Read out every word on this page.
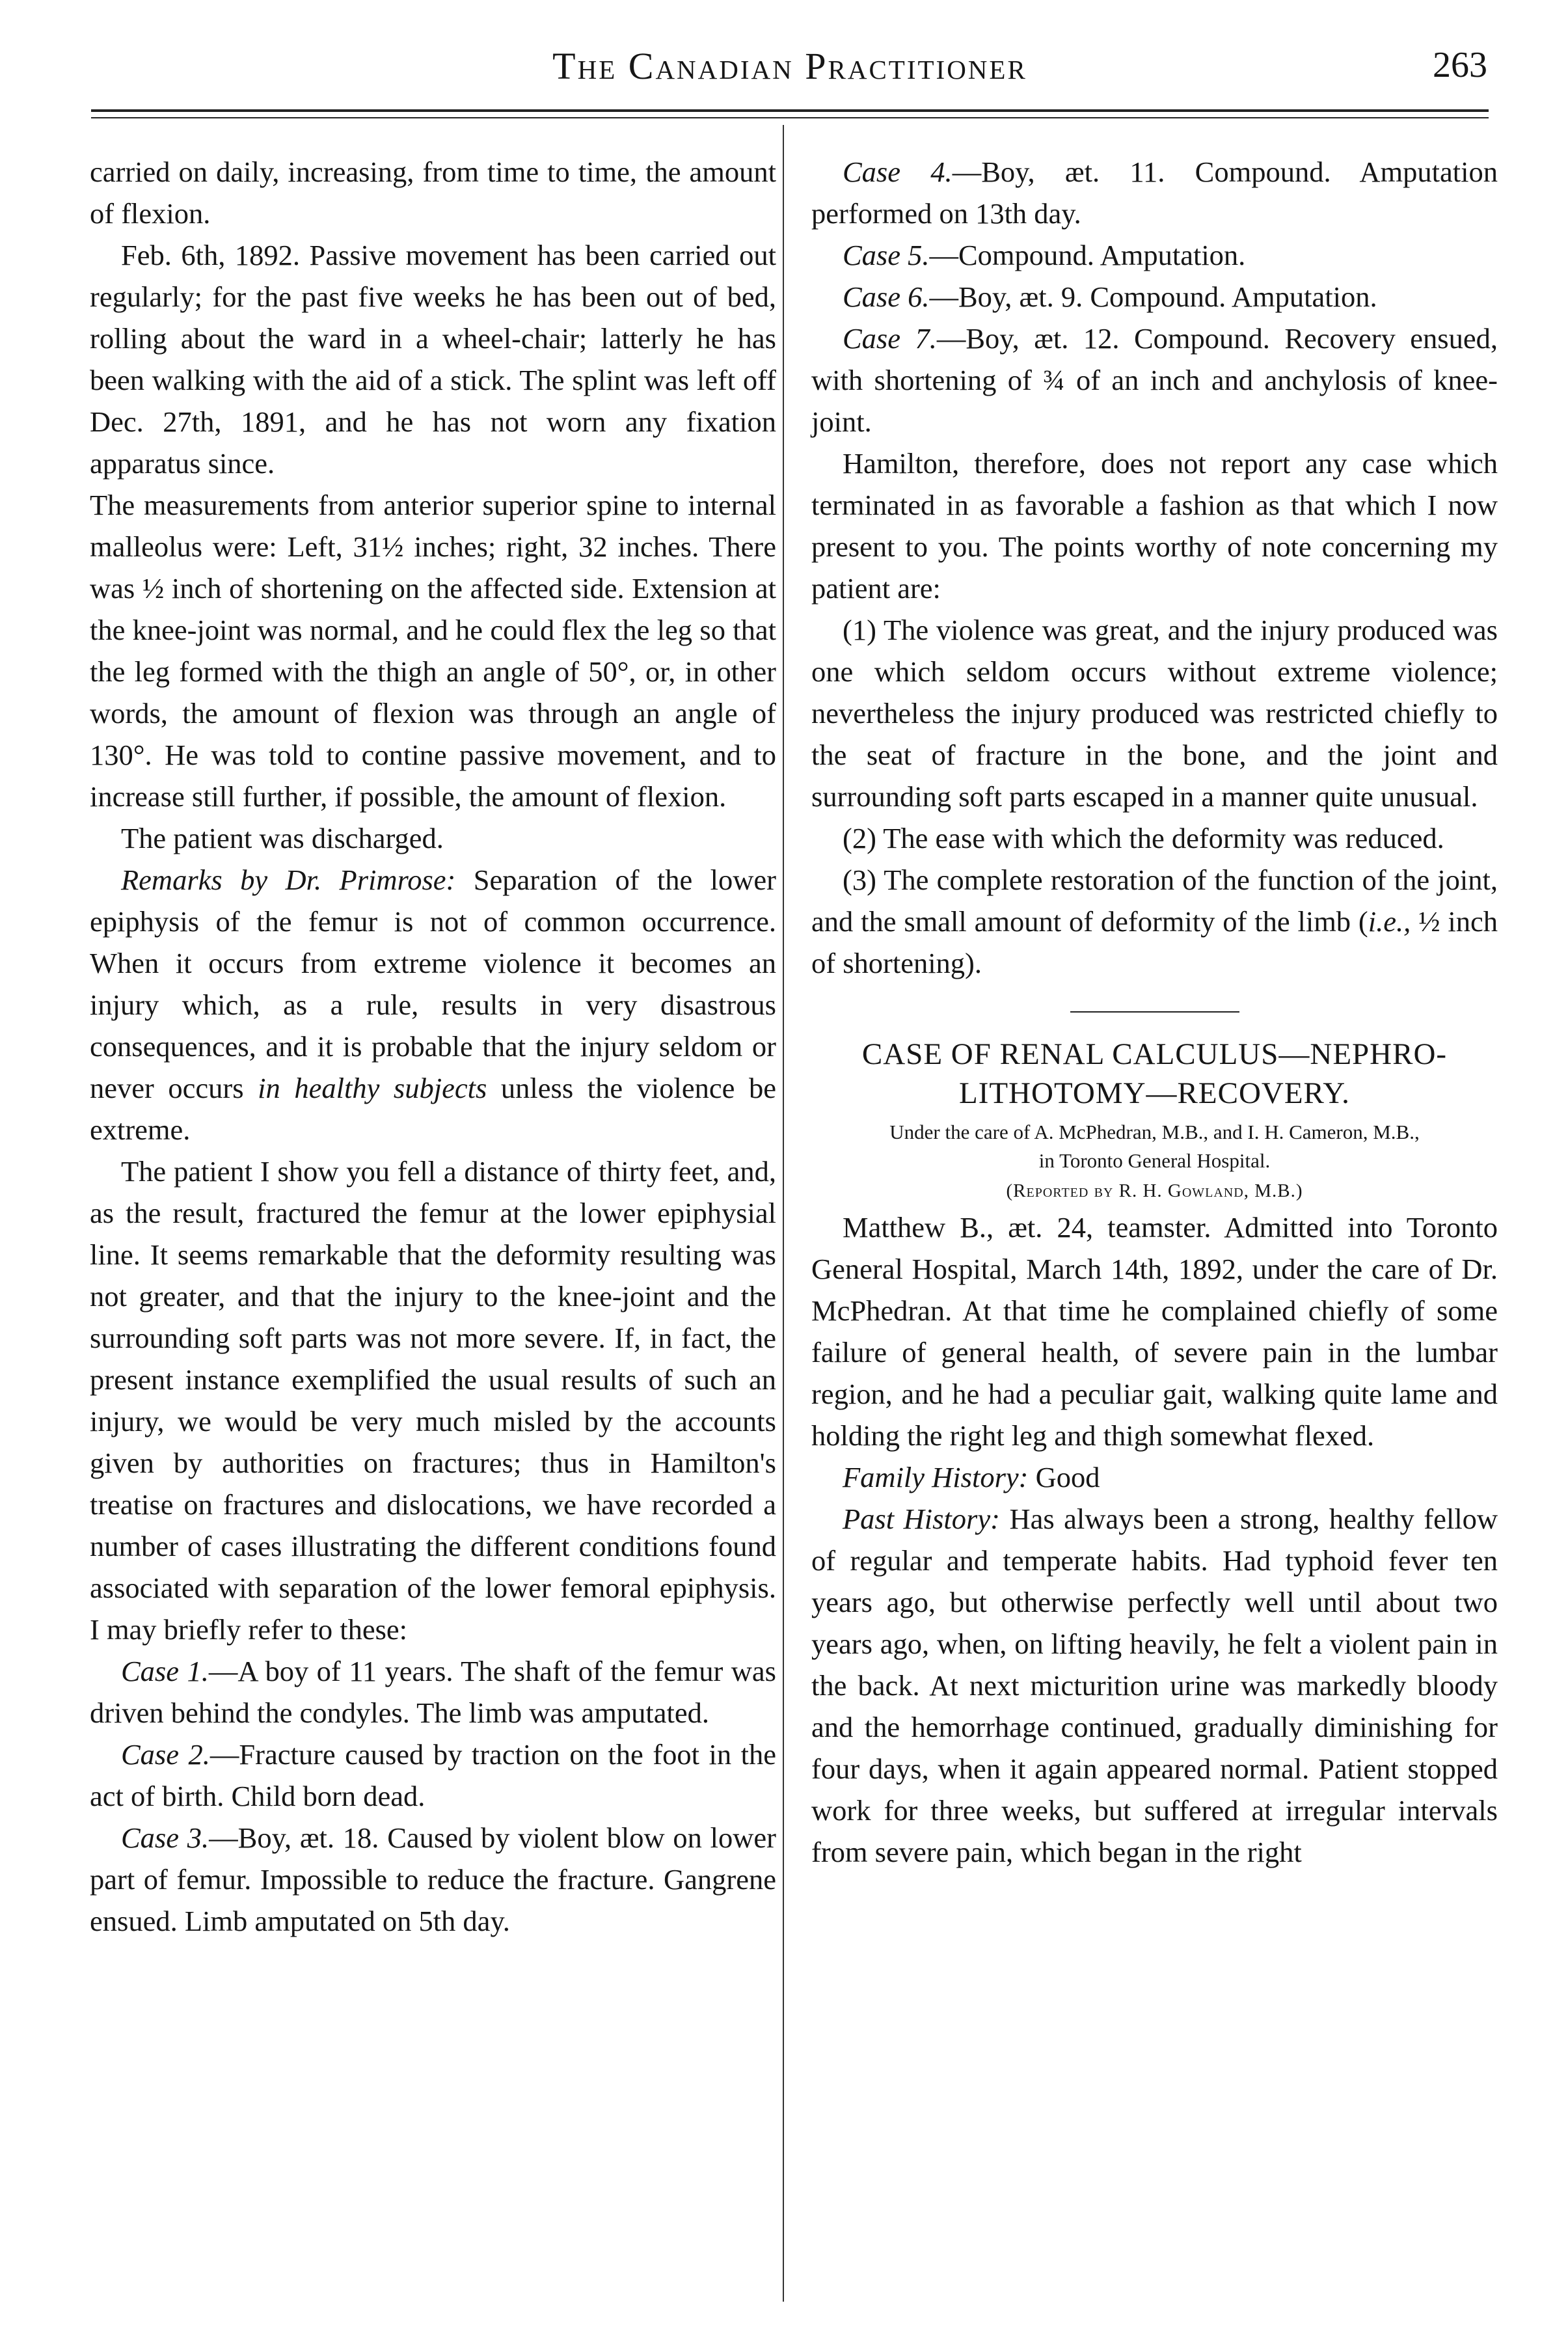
The Canadian Practitioner	263

carried on daily, increasing, from time to time, the amount of flexion.

Feb. 6th, 1892. Passive movement has been carried out regularly; for the past five weeks he has been out of bed, rolling about the ward in a wheel-chair; latterly he has been walking with the aid of a stick. The splint was left off Dec. 27th, 1891, and he has not worn any fixation apparatus since.

The measurements from anterior superior spine to internal malleolus were: Left, 31½ inches; right, 32 inches. There was ½ inch of shortening on the affected side. Extension at the knee-joint was normal, and he could flex the leg so that the leg formed with the thigh an angle of 50°, or, in other words, the amount of flexion was through an angle of 130°. He was told to contine passive movement, and to increase still further, if possible, the amount of flexion.

The patient was discharged.

Remarks by Dr. Primrose: Separation of the lower epiphysis of the femur is not of common occurrence. When it occurs from extreme violence it becomes an injury which, as a rule, results in very disastrous consequences, and it is probable that the injury seldom or never occurs in healthy subjects unless the violence be extreme.

The patient I show you fell a distance of thirty feet, and, as the result, fractured the femur at the lower epiphysial line. It seems remarkable that the deformity resulting was not greater, and that the injury to the knee-joint and the surrounding soft parts was not more severe. If, in fact, the present instance exemplified the usual results of such an injury, we would be very much misled by the accounts given by authorities on fractures; thus in Hamilton's treatise on fractures and dislocations, we have recorded a number of cases illustrating the different conditions found associated with separation of the lower femoral epiphysis. I may briefly refer to these:

Case 1.—A boy of 11 years. The shaft of the femur was driven behind the condyles. The limb was amputated.

Case 2.—Fracture caused by traction on the foot in the act of birth. Child born dead.

Case 3.—Boy, æt. 18. Caused by violent blow on lower part of femur. Impossible to reduce the fracture. Gangrene ensued. Limb amputated on 5th day.

Case 4.—Boy, æt. 11. Compound. Amputation performed on 13th day.

Case 5.—Compound. Amputation.

Case 6.—Boy, æt. 9. Compound. Amputation.

Case 7.—Boy, æt. 12. Compound. Recovery ensued, with shortening of ¾ of an inch and anchylosis of knee-joint.

Hamilton, therefore, does not report any case which terminated in as favorable a fashion as that which I now present to you. The points worthy of note concerning my patient are:

(1) The violence was great, and the injury produced was one which seldom occurs without extreme violence; nevertheless the injury produced was restricted chiefly to the seat of fracture in the bone, and the joint and surrounding soft parts escaped in a manner quite unusual.

(2) The ease with which the deformity was reduced.

(3) The complete restoration of the function of the joint, and the small amount of deformity of the limb (i.e., ½ inch of shortening).

CASE OF RENAL CALCULUS—NEPHRO-LITHOTOMY—RECOVERY.

Under the care of A. McPhedran, M.B., and I. H. Cameron, M.B.,

in Toronto General Hospital.

(Reported by R. H. Gowland, M.B.)

Matthew B., æt. 24, teamster. Admitted into Toronto General Hospital, March 14th, 1892, under the care of Dr. McPhedran. At that time he complained chiefly of some failure of general health, of severe pain in the lumbar region, and he had a peculiar gait, walking quite lame and holding the right leg and thigh somewhat flexed.

Family History: Good

Past History: Has always been a strong, healthy fellow of regular and temperate habits. Had typhoid fever ten years ago, but otherwise perfectly well until about two years ago, when, on lifting heavily, he felt a violent pain in the back. At next micturition urine was markedly bloody and the hemorrhage continued, gradually diminishing for four days, when it again appeared normal. Patient stopped work for three weeks, but suffered at irregular intervals from severe pain, which began in the right
